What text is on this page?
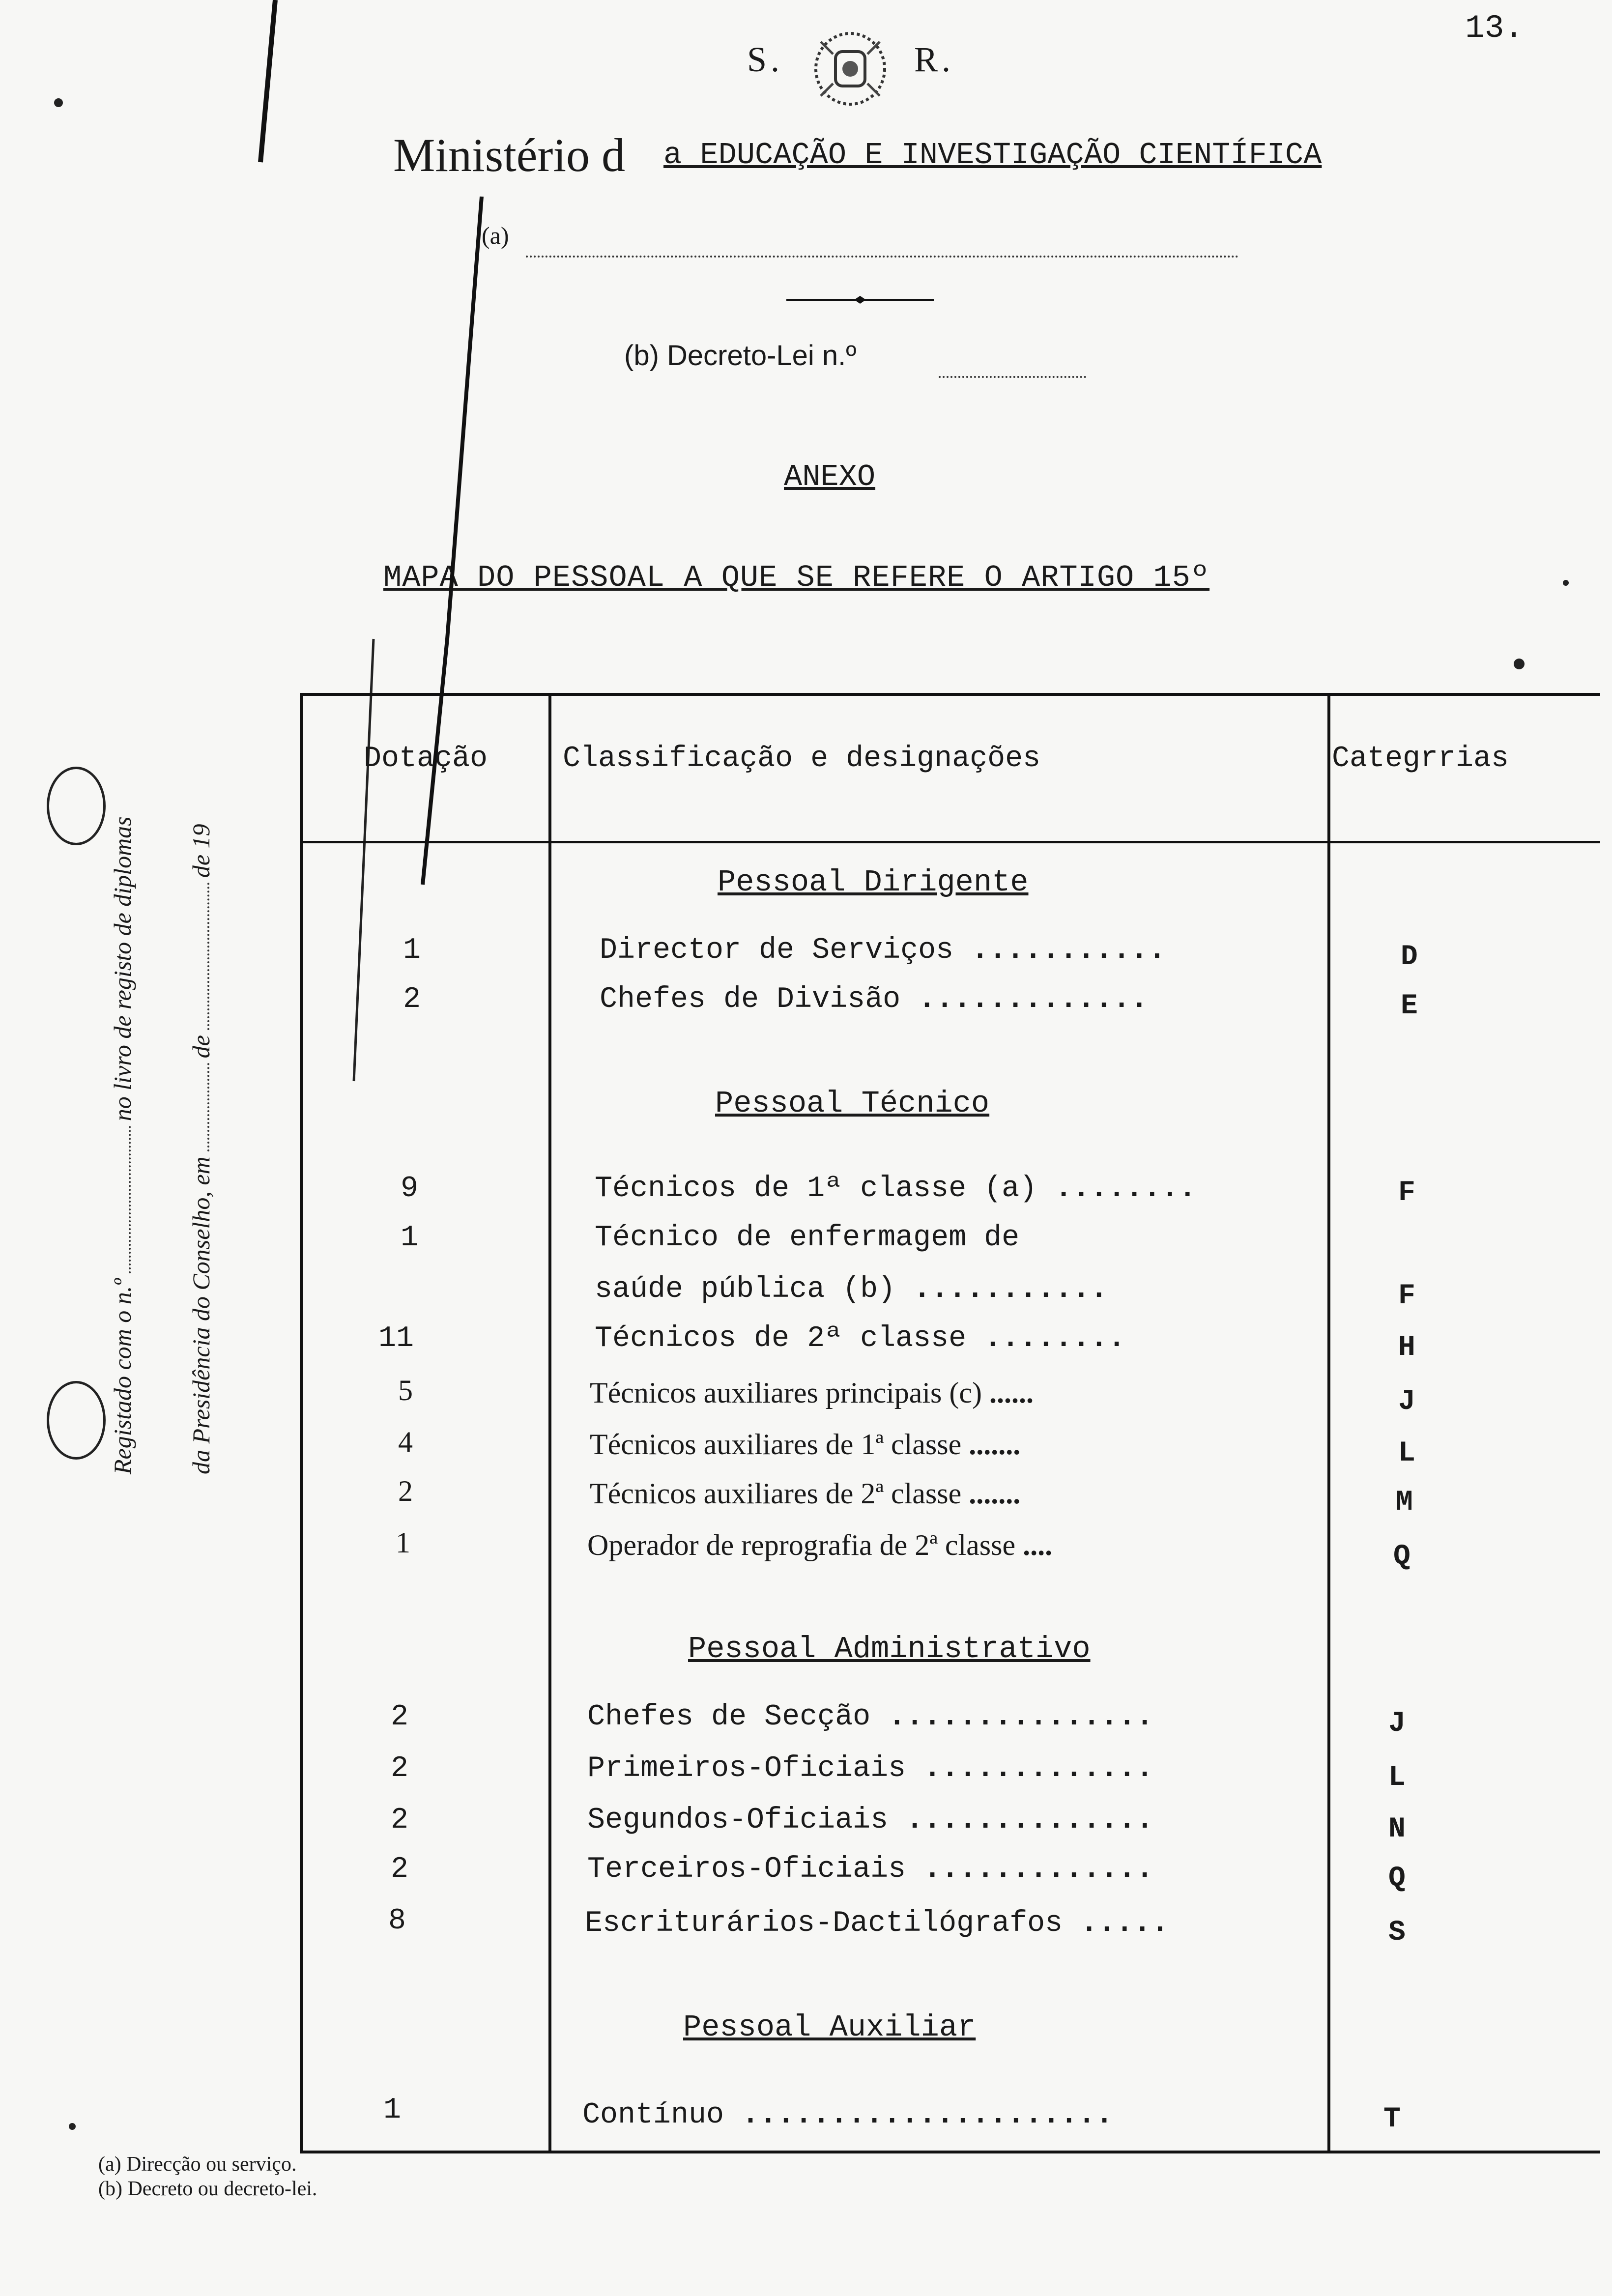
13.
S.	R.
Ministério d a EDUCAÇÃO E INVESTIGAÇÃO CIENTÍFICA
(a)
(b) Decreto-Lei n.º
ANEXO
MAPA DO PESSOAL A QUE SE REFERE O ARTIGO 15º
Registado com o n.ºno livro de registo de diplomas
da Presidência do Conselho, emdede 19
Dotação	Classificação e designações	Categrrias
Pessoal Dirigente
1	Director de Serviços ...........	D
2	Chefes de Divisão .............	E
Pessoal Técnico
9	Técnicos de 1ª classe (a) ........	F
1	Técnico de enfermagem de
saúde pública (b) ...........	F
11	Técnicos de 2ª classe ........	H
5	Técnicos auxiliares principais (c) ......	J
4	Técnicos auxiliares de 1ª classe .......	L
2	Técnicos auxiliares de 2ª classe .......	M
1	Operador de reprografia de 2ª classe ....	Q
Pessoal Administrativo
2	Chefes de Secção ...............	J
2	Primeiros-Oficiais .............	L
2	Segundos-Oficiais ..............	N
2	Terceiros-Oficiais .............	Q
8	Escriturários-Dactilógrafos .....	S
Pessoal Auxiliar
1	Contínuo .....................	T
(a) Direcção ou serviço.
(b) Decreto ou decreto-lei.
